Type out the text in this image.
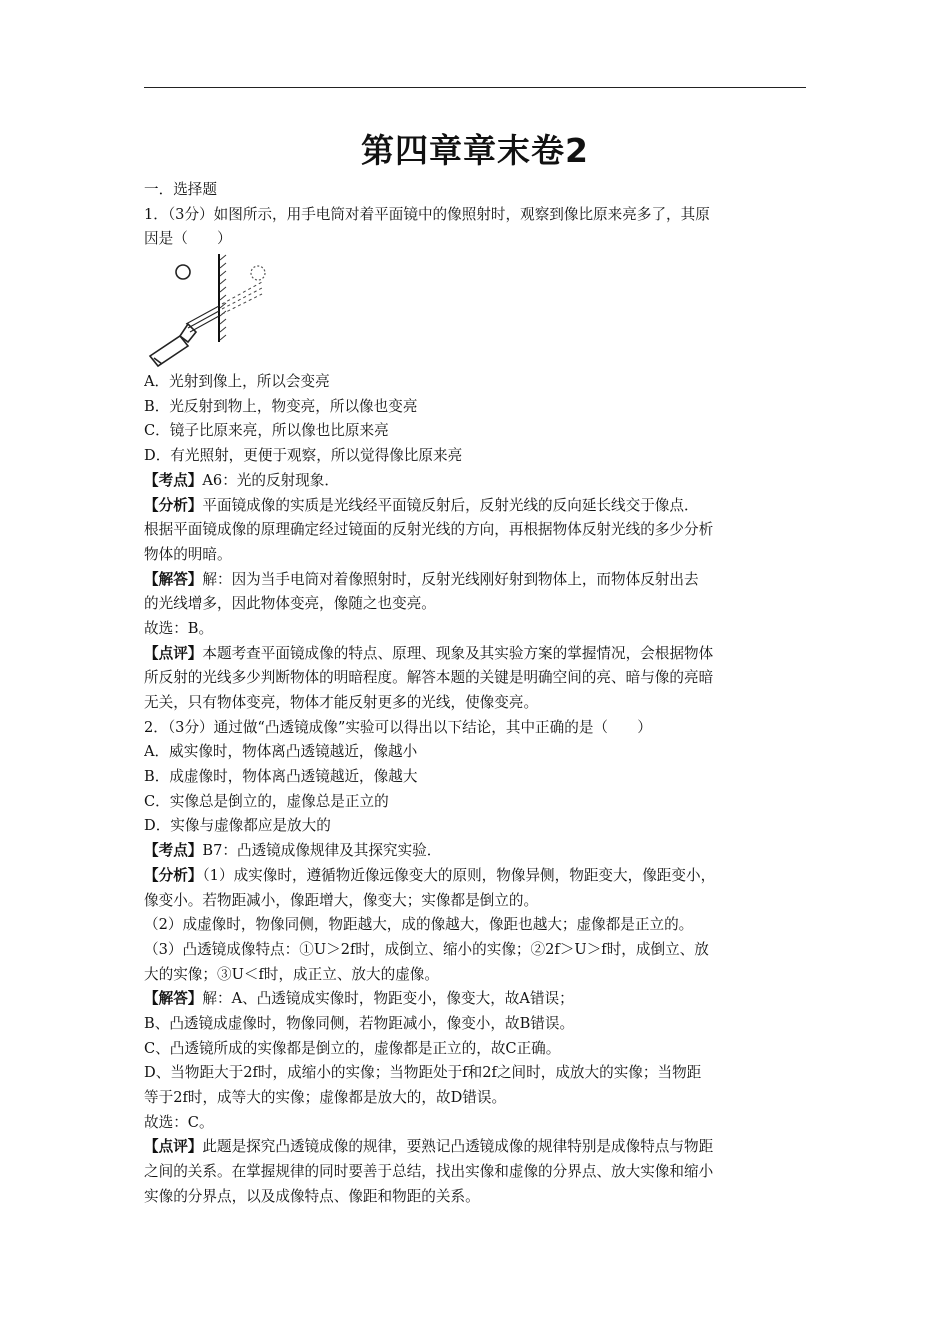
第四章章末卷2
一．选择题
1．（3分）如图所示，用手电筒对着平面镜中的像照射时，观察到像比原来亮多了，其原
因是（　　）
A．光射到像上，所以会变亮
B．光反射到物上，物变亮，所以像也变亮
C．镜子比原来亮，所以像也比原来亮
D．有光照射，更便于观察，所以觉得像比原来亮
【考点】A6：光的反射现象．
【分析】平面镜成像的实质是光线经平面镜反射后，反射光线的反向延长线交于像点．
根据平面镜成像的原理确定经过镜面的反射光线的方向，再根据物体反射光线的多少分析
物体的明暗。
【解答】解：因为当手电筒对着像照射时，反射光线刚好射到物体上，而物体反射出去
的光线增多，因此物体变亮，像随之也变亮。
故选：B。
【点评】本题考查平面镜成像的特点、原理、现象及其实验方案的掌握情况，会根据物体
所反射的光线多少判断物体的明暗程度。解答本题的关键是明确空间的亮、暗与像的亮暗
无关，只有物体变亮，物体才能反射更多的光线，使像变亮。
2．（3分）通过做“凸透镜成像”实验可以得出以下结论，其中正确的是（　　）
A．威实像时，物体离凸透镜越近，像越小
B．成虚像时，物体离凸透镜越近，像越大
C．实像总是倒立的，虚像总是正立的
D．实像与虚像都应是放大的
【考点】B7：凸透镜成像规律及其探究实验．
【分析】（1）成实像时，遵循物近像远像变大的原则，物像异侧，物距变大，像距变小，
像变小。若物距减小，像距增大，像变大；实像都是倒立的。
（2）成虚像时，物像同侧，物距越大，成的像越大，像距也越大；虚像都是正立的。
（3）凸透镜成像特点：①U＞2f时，成倒立、缩小的实像；②2f＞U＞f时，成倒立、放
大的实像；③U＜f时，成正立、放大的虚像。
【解答】解：A、凸透镜成实像时，物距变小，像变大，故A错误；
B、凸透镜成虚像时，物像同侧，若物距减小，像变小，故B错误。
C、凸透镜所成的实像都是倒立的，虚像都是正立的，故C正确。
D、当物距大于2f时，成缩小的实像；当物距处于f和2f之间时，成放大的实像；当物距
等于2f时，成等大的实像；虚像都是放大的，故D错误。
故选：C。
【点评】此题是探究凸透镜成像的规律，要熟记凸透镜成像的规律特别是成像特点与物距
之间的关系。在掌握规律的同时要善于总结，找出实像和虚像的分界点、放大实像和缩小
实像的分界点，以及成像特点、像距和物距的关系。
